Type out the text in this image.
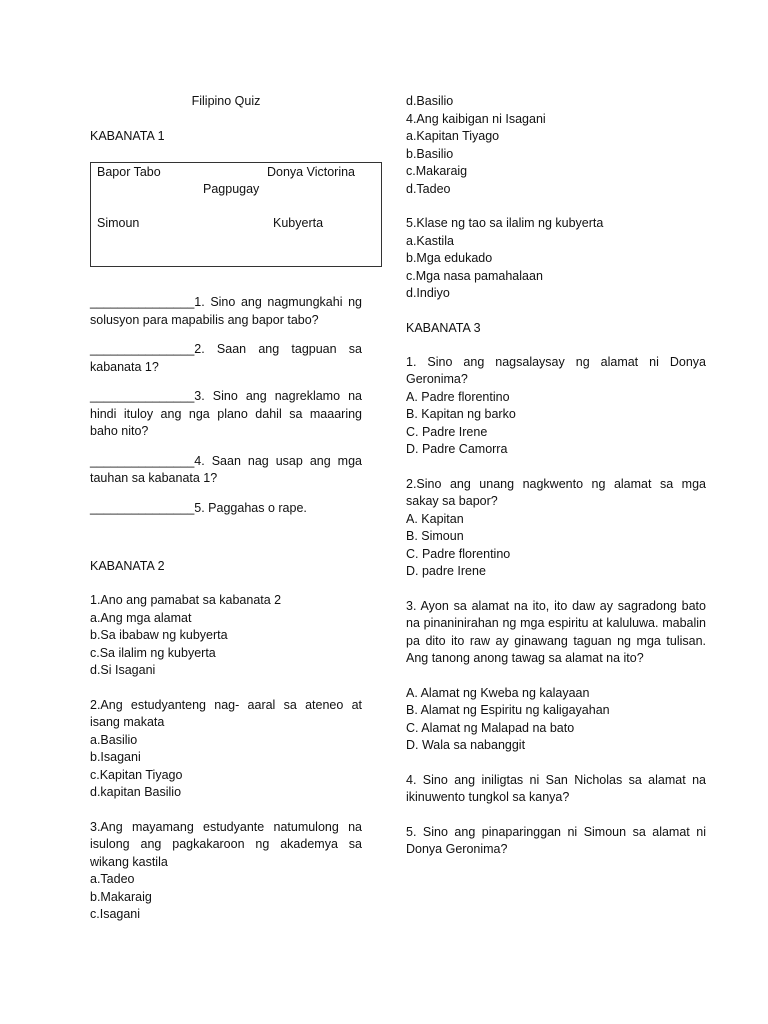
Filipino Quiz
KABANATA 1
Bapor Tabo	Donya Victorina
Pagpugay
Simoun	Kubyerta
_______________1. Sino ang nagmungkahi ng solusyon para mapabilis ang bapor tabo?
_______________2. Saan ang tagpuan sa kabanata 1?
_______________3. Sino ang nagreklamo na hindi ituloy ang nga plano dahil sa maaaring baho nito?
_______________4. Saan nag usap ang mga tauhan sa kabanata 1?
_______________5. Paggahas o rape.
KABANATA 2
1.Ano ang pamabat sa kabanata 2
a.Ang mga alamat
b.Sa ibabaw ng kubyerta
c.Sa ilalim ng kubyerta
d.Si Isagani
2.Ang estudyanteng nag- aaral sa ateneo at isang makata
a.Basilio
b.Isagani
c.Kapitan Tiyago
d.kapitan Basilio
3.Ang mayamang estudyante natumulong na isulong ang pagkakaroon ng akademya sa wikang kastila
a.Tadeo
b.Makaraig
c.Isagani
d.Basilio
4.Ang kaibigan ni Isagani
a.Kapitan Tiyago
b.Basilio
c.Makaraig
d.Tadeo
5.Klase ng tao sa ilalim ng kubyerta
a.Kastila
b.Mga edukado
c.Mga nasa pamahalaan
d.Indiyo
KABANATA 3
1. Sino ang nagsalaysay ng alamat ni Donya Geronima?
A. Padre florentino
B. Kapitan ng barko
C. Padre Irene
D. Padre Camorra
2.Sino ang unang nagkwento ng alamat sa mga sakay sa bapor?
A. Kapitan
B. Simoun
C. Padre florentino
D. padre Irene
3. Ayon sa alamat na ito, ito daw ay sagradong bato na pinaninirahan ng mga espiritu at kaluluwa. mabalin pa dito ito raw ay ginawang taguan ng mga tulisan. Ang tanong anong tawag sa alamat na ito?
A. Alamat ng Kweba ng kalayaan
B. Alamat ng Espiritu ng kaligayahan
C. Alamat ng Malapad na bato
D. Wala sa nabanggit
4. Sino ang iniligtas ni San Nicholas sa alamat na ikinuwento tungkol sa kanya?
5. Sino ang pinaparinggan ni Simoun sa alamat ni Donya Geronima?
